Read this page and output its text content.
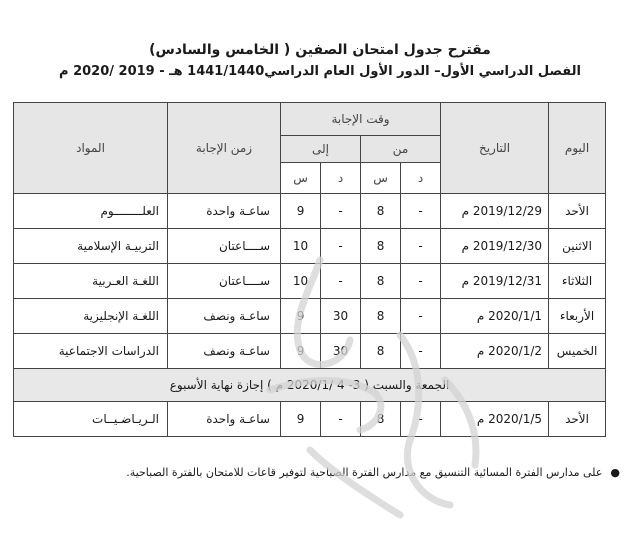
مقترح جدول امتحان الصفين ( الخامس والسادس)
الفصل الدراسي الأول– الدور الأول العام الدراسي1441/1440 هـ - 2019 /2020 م
اليوم	التاريخ	وقت الإجابة				زمن الإجابة	المواد
		من		إلى			
		د	س	د	س		
الأحد	2019/12/29 م	-	8	-	9	ساعـة واحدة	العلــــــــوم
الاثنين	2019/12/30 م	-	8	-	10	ســــاعتان	التربيـة الإسلامية
الثلاثاء	2019/12/31 م	-	8	-	10	ســــاعتان	اللغـة العـربية
الأربعاء	2020/1/1 م	-	8	30	9	ساعـة ونصف	اللغـة الإنجليزية
الخميس	2020/1/2 م	-	8	30	9	ساعـة ونصف	الدراسات الاجتماعية
الجمعة والسبت ( 3- 4 /2020/1 م ) إجازة نهاية الأسبوع							
الأحد	2020/1/5 م	-	8	-	9	ساعـة واحدة	الـريـاضـيــات
●على مدارس الفترة المسائية التنسيق مع مدارس الفترة الصباحية لتوفير قاعات للامتحان بالفترة الصباحية.
